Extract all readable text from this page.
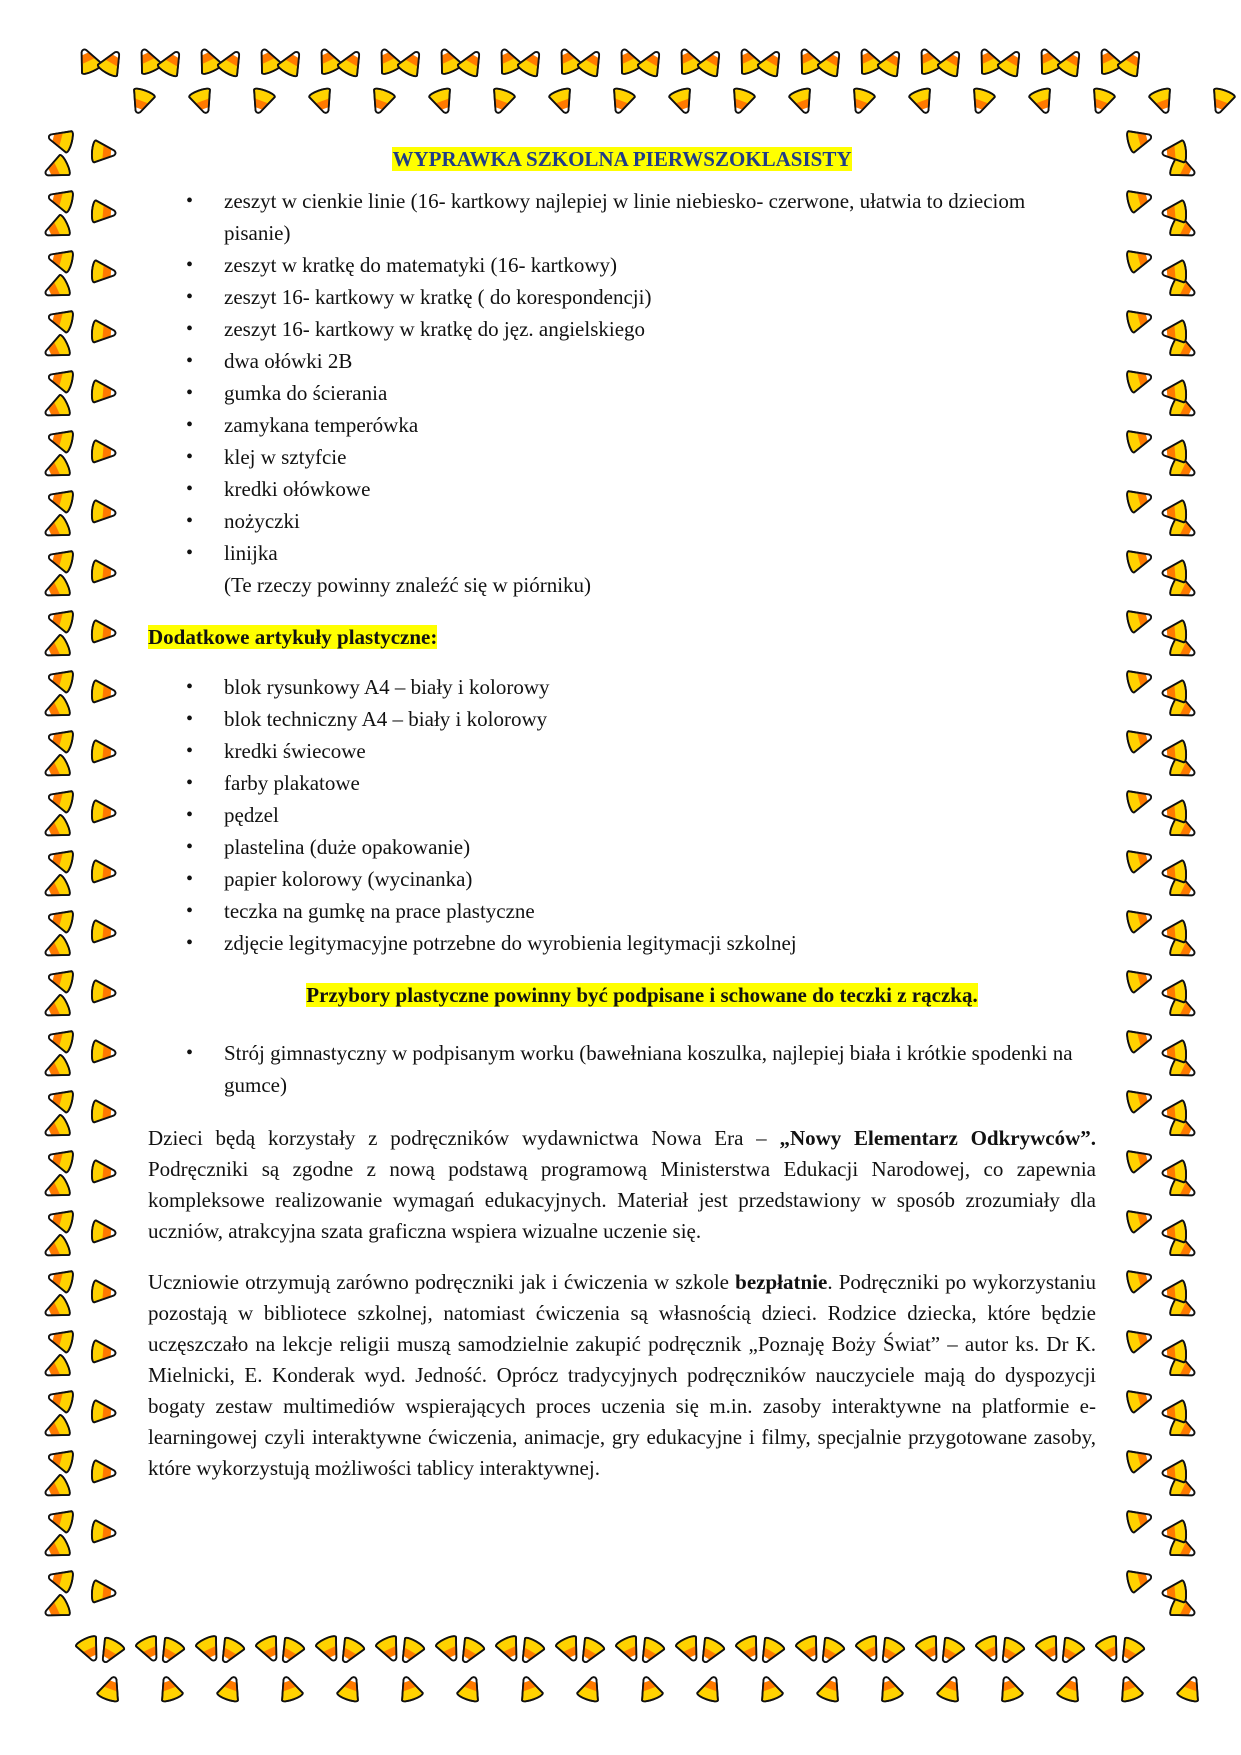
WYPRAWKA SZKOLNA PIERWSZOKLASISTY
• zeszyt w cienkie linie (16- kartkowy najlepiej w linie niebiesko- czerwone, ułatwia to dzieciom pisanie)
• zeszyt w kratkę do matematyki (16- kartkowy)
• zeszyt 16- kartkowy w kratkę ( do korespondencji)
• zeszyt 16- kartkowy w kratkę do jęz. angielskiego
• dwa ołówki 2B
• gumka do ścierania
• zamykana temperówka
• klej w sztyfcie
• kredki ołówkowe
• nożyczki
• linijka
(Te rzeczy powinny znaleźć się w piórniku)
Dodatkowe artykuły plastyczne:
• blok rysunkowy A4 – biały i kolorowy
• blok techniczny A4 – biały i kolorowy
• kredki świecowe
• farby plakatowe
• pędzel
• plastelina (duże opakowanie)
• papier kolorowy (wycinanka)
• teczka na gumkę na prace plastyczne
• zdjęcie legitymacyjne potrzebne do wyrobienia legitymacji szkolnej
Przybory plastyczne powinny być podpisane i schowane do teczki z rączką.
• Strój gimnastyczny w podpisanym worku (bawełniana koszulka, najlepiej biała i krótkie spodenki na gumce)

Dzieci będą korzystały z podręczników wydawnictwa Nowa Era – „Nowy Elementarz Odkrywców”. Podręczniki są zgodne z nową podstawą programową Ministerstwa Edukacji Narodowej, co zapewnia kompleksowe realizowanie wymagań edukacyjnych. Materiał jest przedstawiony w sposób zrozumiały dla uczniów, atrakcyjna szata graficzna wspiera wizualne uczenie się.

Uczniowie otrzymują zarówno podręczniki jak i ćwiczenia w szkole bezpłatnie. Podręczniki po wykorzystaniu pozostają w bibliotece szkolnej, natomiast ćwiczenia są własnością dzieci. Rodzice dziecka, które będzie uczęszczało na lekcje religii muszą samodzielnie zakupić podręcznik „Poznaję Boży Świat” – autor ks. Dr K. Mielnicki, E. Konderak wyd. Jedność. Oprócz tradycyjnych podręczników nauczyciele mają do dyspozycji bogaty zestaw multimediów wspierających proces uczenia się m.in. zasoby interaktywne na platformie e-learningowej czyli interaktywne ćwiczenia, animacje, gry edukacyjne i filmy, specjalnie przygotowane zasoby, które wykorzystują możliwości tablicy interaktywnej.
